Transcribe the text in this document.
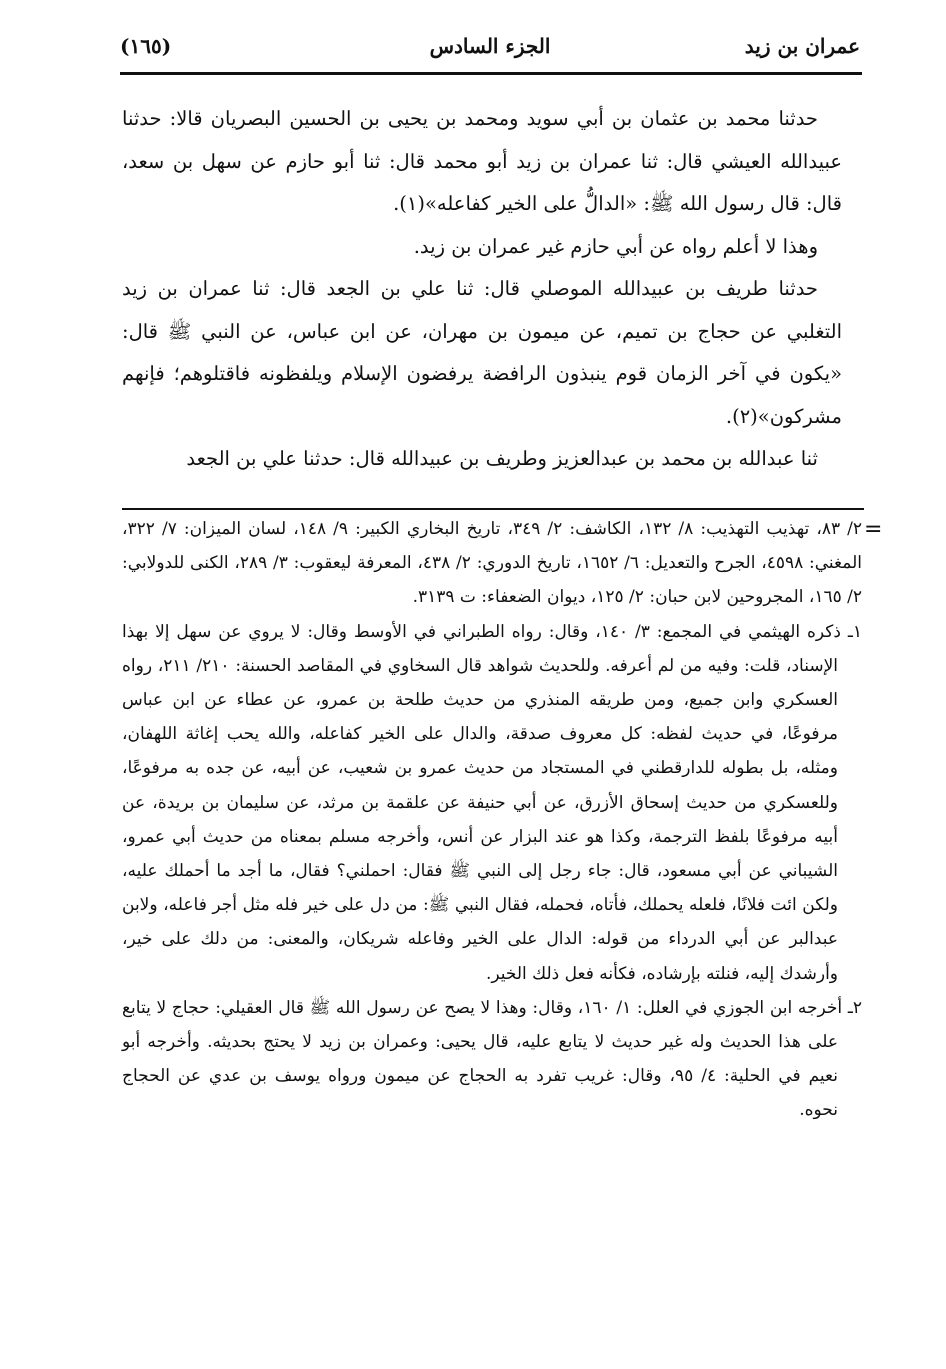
عمران بن زيد
الجزء السادس
(١٦٥)

حدثنا محمد بن عثمان بن أبي سويد ومحمد بن يحيى بن الحسين البصريان قالا: حدثنا عبيدالله العيشي قال: ثنا عمران بن زيد أبو محمد قال: ثنا أبو حازم عن سهل بن سعد، قال: قال رسول الله ﷺ: «الدالُّ على الخير كفاعله»(١).

وهذا لا أعلم رواه عن أبي حازم غير عمران بن زيد.

حدثنا طريف بن عبيدالله الموصلي قال: ثنا علي بن الجعد قال: ثنا عمران بن زيد التغلبي عن حجاج بن تميم، عن ميمون بن مهران، عن ابن عباس، عن النبي ﷺ قال: «يكون في آخر الزمان قوم ينبذون الرافضة يرفضون الإسلام ويلفظونه فاقتلوهم؛ فإنهم مشركون»(٢).

ثنا عبدالله بن محمد بن عبدالعزيز وطريف بن عبيدالله قال: حدثنا علي بن الجعد

=

٢/ ٨٣، تهذيب التهذيب: ٨/ ١٣٢، الكاشف: ٢/ ٣٤٩، تاريخ البخاري الكبير: ٩/ ١٤٨، لسان الميزان: ٧/ ٣٢٢، المغني: ٤٥٩٨، الجرح والتعديل: ٦/ ١٦٥٢، تاريخ الدوري: ٢/ ٤٣٨، المعرفة ليعقوب: ٣/ ٢٨٩، الكنى للدولابي: ٢/ ١٦٥، المجروحين لابن حبان: ٢/ ١٢٥، ديوان الضعفاء: ت ٣١٣٩.

١ـ ذكره الهيثمي في المجمع: ٣/ ١٤٠، وقال: رواه الطبراني في الأوسط وقال: لا يروي عن سهل إلا بهذا الإسناد، قلت: وفيه من لم أعرفه. وللحديث شواهد قال السخاوي في المقاصد الحسنة: ٢١٠/ ٢١١، رواه العسكري وابن جميع، ومن طريقه المنذري من حديث طلحة بن عمرو، عن عطاء عن ابن عباس مرفوعًا، في حديث لفظه: كل معروف صدقة، والدال على الخير كفاعله، والله يحب إغاثة اللهفان، ومثله، بل بطوله للدارقطني في المستجاد من حديث عمرو بن شعيب، عن أبيه، عن جده به مرفوعًا، وللعسكري من حديث إسحاق الأزرق، عن أبي حنيفة عن علقمة بن مرثد، عن سليمان بن بريدة، عن أبيه مرفوعًا بلفظ الترجمة، وكذا هو عند البزار عن أنس، وأخرجه مسلم بمعناه من حديث أبي عمرو، الشيباني عن أبي مسعود، قال: جاء رجل إلى النبي ﷺ فقال: احملني؟ فقال، ما أجد ما أحملك عليه، ولكن ائت فلانًا، فلعله يحملك، فأتاه، فحمله، فقال النبي ﷺ: من دل على خير فله مثل أجر فاعله، ولابن عبدالبر عن أبي الدرداء من قوله: الدال على الخير وفاعله شريكان، والمعنى: من دلك على خير، وأرشدك إليه، فنلته بإرشاده، فكأنه فعل ذلك الخير.

٢ـ أخرجه ابن الجوزي في العلل: ١/ ١٦٠، وقال: وهذا لا يصح عن رسول الله ﷺ قال العقيلي: حجاج لا يتابع على هذا الحديث وله غير حديث لا يتابع عليه، قال يحيى: وعمران بن زيد لا يحتج بحديثه. وأخرجه أبو نعيم في الحلية: ٤/ ٩٥، وقال: غريب تفرد به الحجاج عن ميمون ورواه يوسف بن عدي عن الحجاج نحوه.
